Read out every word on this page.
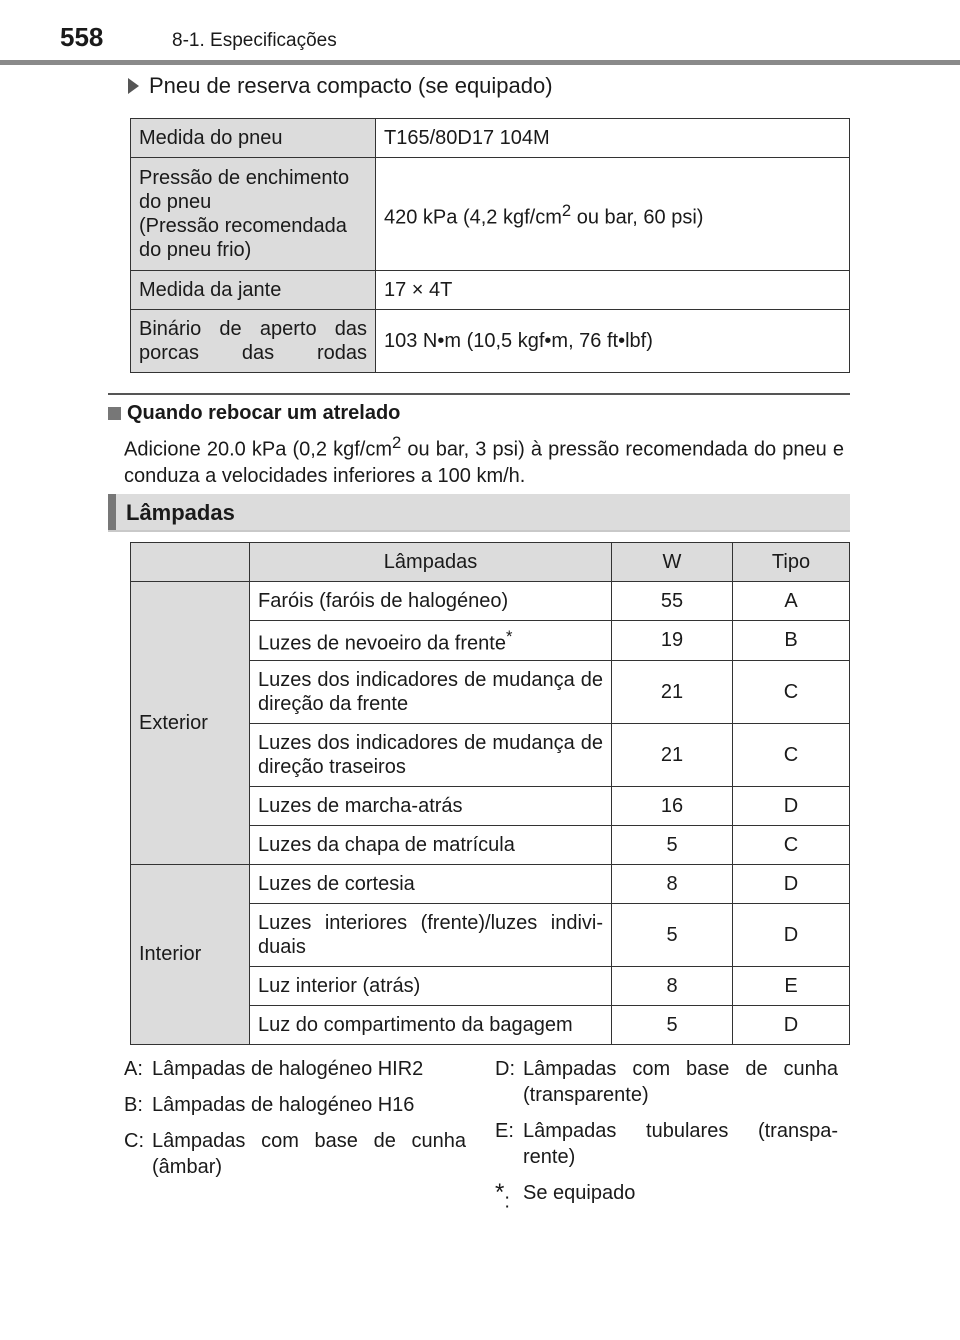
558	8-1. Especificações
Pneu de reserva compacto (se equipado)
Medida do pneu	T165/80D17 104M
Pressão de enchimento do pneu
(Pressão recomendada do pneu frio)	420 kPa (4,2 kgf/$cm^2$ ou bar, 60 psi)
Medida da jante	17 × 4T
Binário de aperto das porcas das rodas	103 N•m (10,5 kgf•m, 76 ft•lbf)
Quando rebocar um atrelado
Adicione 20.0 kPa (0,2 kgf/$cm^2$ ou bar, 3 psi) à pressão recomendada do pneu e conduza a velocidades inferiores a 100 km/h.
Lâmpadas
	Lâmpadas	W	Tipo
Exterior	Faróis (faróis de halogéneo)	55	A
	Luzes de nevoeiro da frente*	19	B
	Luzes dos indicadores de mudança de direção da frente	21	C
	Luzes dos indicadores de mudança de direção traseiros	21	C
	Luzes de marcha-atrás	16	D
	Luzes da chapa de matrícula	5	C
Interior	Luzes de cortesia	8	D
	Luzes interiores (frente)/luzes indivi-duais	5	D
	Luz interior (atrás)	8	E
	Luz do compartimento da bagagem	5	D
A: Lâmpadas de halogéneo HIR2
B: Lâmpadas de halogéneo H16
C: Lâmpadas com base de cunha (âmbar)
D: Lâmpadas com base de cunha (transparente)
E: Lâmpadas tubulares (transpa-rente)
*: Se equipado
